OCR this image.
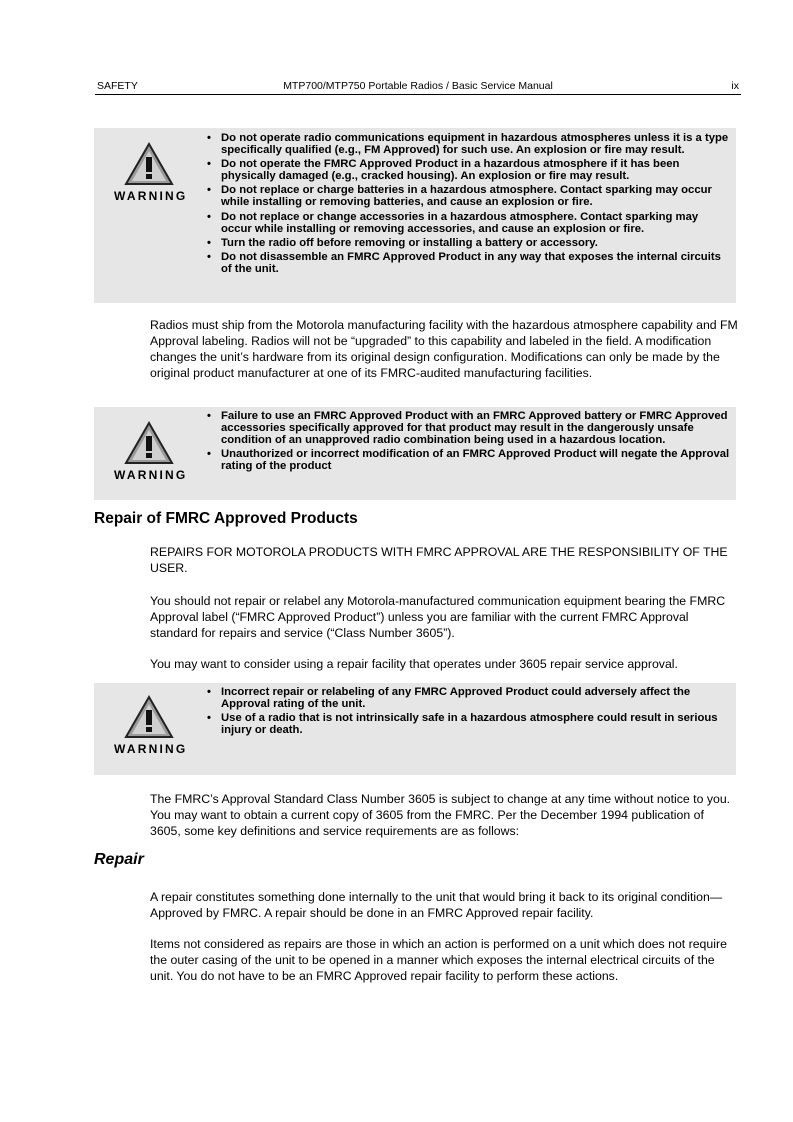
SAFETY	MTP700/MTP750 Portable Radios / Basic Service Manual	ix
WARNING
• Do not operate radio communications equipment in hazardous atmospheres unless it is a type specifically qualified (e.g., FM Approved) for such use. An explosion or fire may result.
• Do not operate the FMRC Approved Product in a hazardous atmosphere if it has been physically damaged (e.g., cracked housing). An explosion or fire may result.
• Do not replace or charge batteries in a hazardous atmosphere. Contact sparking may occur while installing or removing batteries, and cause an explosion or fire.
• Do not replace or change accessories in a hazardous atmosphere. Contact sparking may occur while installing or removing accessories, and cause an explosion or fire.
• Turn the radio off before removing or installing a battery or accessory.
• Do not disassemble an FMRC Approved Product in any way that exposes the internal circuits of the unit.

Radios must ship from the Motorola manufacturing facility with the hazardous atmosphere capability and FM Approval labeling. Radios will not be “upgraded” to this capability and labeled in the field. A modification changes the unit’s hardware from its original design configuration. Modifications can only be made by the original product manufacturer at one of its FMRC-audited manufacturing facilities.

WARNING
• Failure to use an FMRC Approved Product with an FMRC Approved battery or FMRC Approved accessories specifically approved for that product may result in the dangerously unsafe condition of an unapproved radio combination being used in a hazardous location.
• Unauthorized or incorrect modification of an FMRC Approved Product will negate the Approval rating of the product
Repair of FMRC Approved Products

REPAIRS FOR MOTOROLA PRODUCTS WITH FMRC APPROVAL ARE THE RESPONSIBILITY OF THE USER.

You should not repair or relabel any Motorola-manufactured communication equipment bearing the FMRC Approval label (“FMRC Approved Product”) unless you are familiar with the current FMRC Approval standard for repairs and service (“Class Number 3605”).

You may want to consider using a repair facility that operates under 3605 repair service approval.

WARNING
• Incorrect repair or relabeling of any FMRC Approved Product could adversely affect the Approval rating of the unit.
• Use of a radio that is not intrinsically safe in a hazardous atmosphere could result in serious injury or death.

The FMRC’s Approval Standard Class Number 3605 is subject to change at any time without notice to you. You may want to obtain a current copy of 3605 from the FMRC. Per the December 1994 publication of 3605, some key definitions and service requirements are as follows:

Repair

A repair constitutes something done internally to the unit that would bring it back to its original condition—Approved by FMRC. A repair should be done in an FMRC Approved repair facility.

Items not considered as repairs are those in which an action is performed on a unit which does not require the outer casing of the unit to be opened in a manner which exposes the internal electrical circuits of the unit. You do not have to be an FMRC Approved repair facility to perform these actions.
